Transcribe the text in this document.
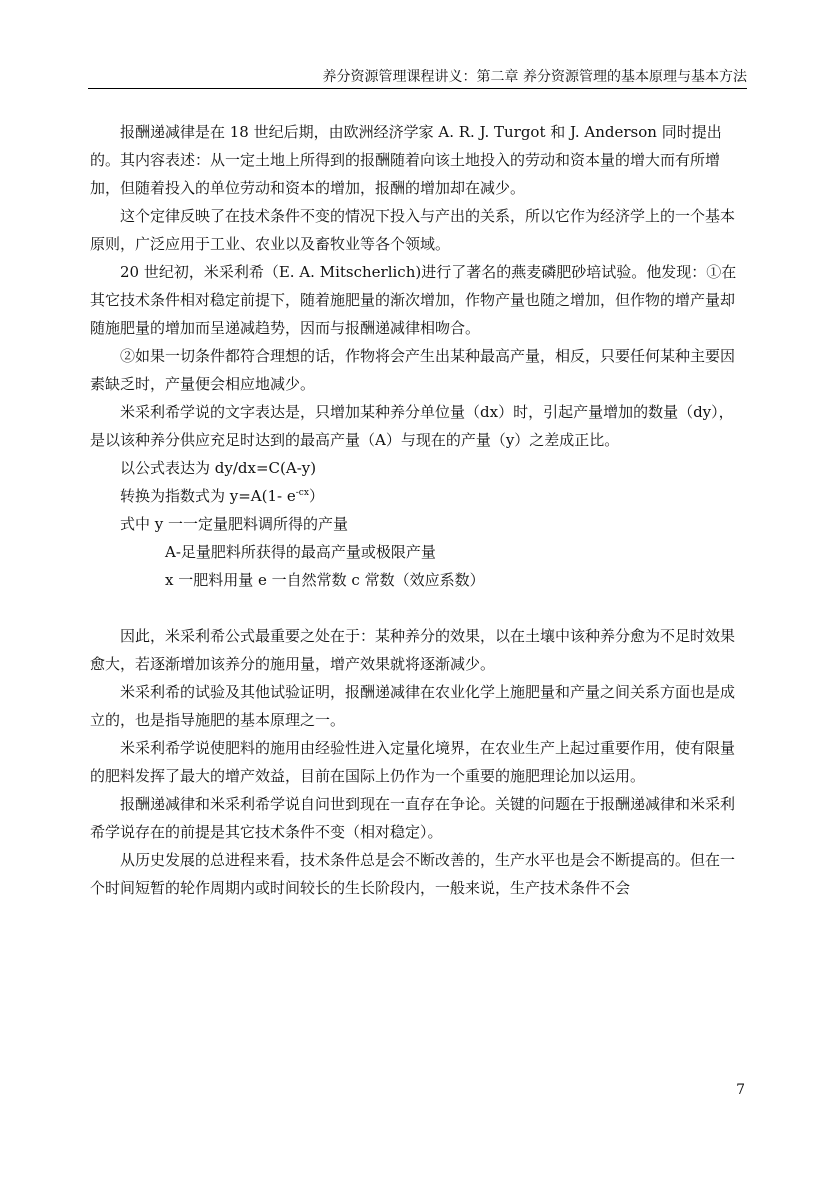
养分资源管理课程讲义：第二章 养分资源管理的基本原理与基本方法

报酬递减律是在 18 世纪后期，由欧洲经济学家 A. R. J. Turgot 和 J. Anderson 同时提出的。其内容表述：从一定土地上所得到的报酬随着向该土地投入的劳动和资本量的增大而有所增加，但随着投入的单位劳动和资本的增加，报酬的增加却在减少。

这个定律反映了在技术条件不变的情况下投入与产出的关系，所以它作为经济学上的一个基本原则，广泛应用于工业、农业以及畜牧业等各个领域。

20 世纪初，米采利希（E. A. Mitscherlich)进行了著名的燕麦磷肥砂培试验。他发现：①在其它技术条件相对稳定前提下，随着施肥量的渐次增加，作物产量也随之增加，但作物的增产量却随施肥量的增加而呈递减趋势，因而与报酬递减律相吻合。

②如果一切条件都符合理想的话，作物将会产生出某种最高产量，相反，只要任何某种主要因素缺乏时，产量便会相应地减少。

米采利希学说的文字表达是，只增加某种养分单位量（dx）时，引起产量增加的数量（dy），是以该种养分供应充足时达到的最高产量（A）与现在的产量（y）之差成正比。

以公式表达为 dy/dx=C(A-y)

转换为指数式为 y=A(1- $e^{-cx}$）

式中 y 一一定量肥料调所得的产量

A-足量肥料所获得的最高产量或极限产量

x 一肥料用量 e 一自然常数 c 常数（效应系数）

因此，米采利希公式最重要之处在于：某种养分的效果，以在土壤中该种养分愈为不足时效果愈大，若逐渐增加该养分的施用量，增产效果就将逐渐减少。

米采利希的试验及其他试验证明，报酬递减律在农业化学上施肥量和产量之间关系方面也是成立的，也是指导施肥的基本原理之一。

米采利希学说使肥料的施用由经验性进入定量化境界，在农业生产上起过重要作用，使有限量的肥料发挥了最大的增产效益，目前在国际上仍作为一个重要的施肥理论加以运用。

报酬递减律和米采利希学说自问世到现在一直存在争论。关键的问题在于报酬递减律和米采利希学说存在的前提是其它技术条件不变（相对稳定）。

从历史发展的总进程来看，技术条件总是会不断改善的，生产水平也是会不断提高的。但在一个时间短暂的轮作周期内或时间较长的生长阶段内，一般来说，生产技术条件不会

7
